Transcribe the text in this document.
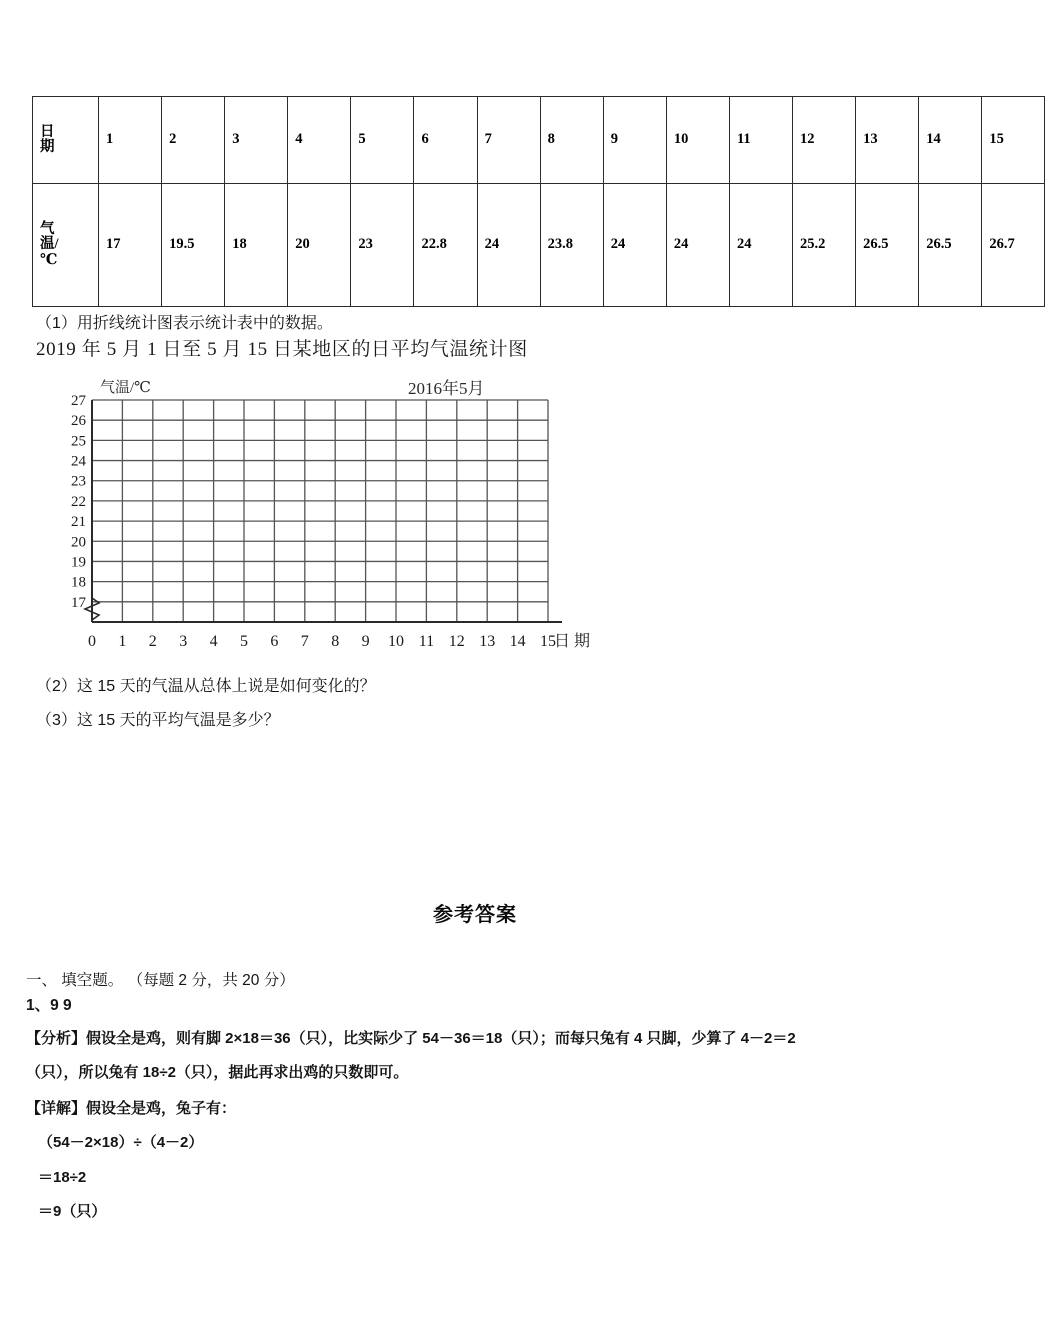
日
期	1	2	3	4	5	6	7	8	9	10	11	12	13	14	15

气
温/
℃	17	19.5	18	20	23	22.8	24	23.8	24	24	24	25.2	26.5	26.5	26.7
（1）用折线统计图表示统计表中的数据。
2019 年 5 月 1 日至 5 月 15 日某地区的日平均气温统计图
气温/℃	2016年5月
27
26
25
24
23
22
21
20
19
18
17
0 1 2 3 4 5 6 7 8 9 10 11 12 13 14 15
日 期
（2）这 15 天的气温从总体上说是如何变化的？
（3）这 15 天的平均气温是多少？
参考答案
一、 填空题。 （每题 2 分，共 20 分）
1、9 9
【分析】假设全是鸡，则有脚 2×18＝36（只），比实际少了 54－36＝18（只）；而每只兔有 4 只脚，少算了 4－2＝2
（只），所以兔有 18÷2（只），据此再求出鸡的只数即可。
【详解】假设全是鸡，兔子有：
（54－2×18）÷（4－2）
＝18÷2
＝9（只）
